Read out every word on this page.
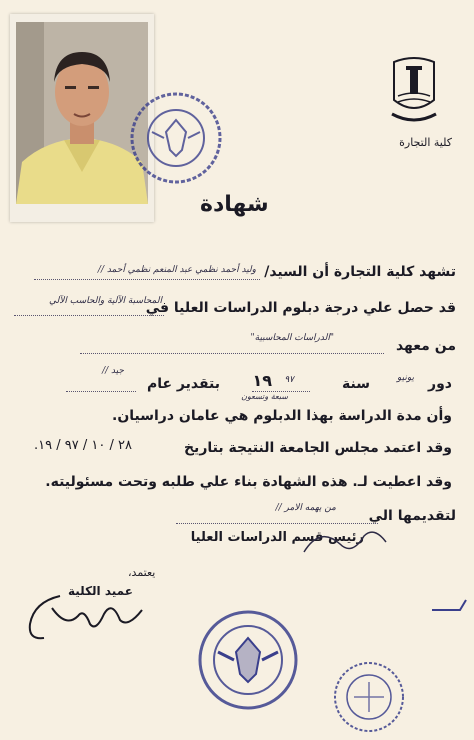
كلية التجارة
شهادة
تشهد كلية التجارة أن السيد/
وليد أحمد نظمي عبد المنعم نظمي أحمد //
قد حصل علي درجة دبلوم الدراسات العليا في
المحاسبة الآلية والحاسب الآلي
من معهد
"الدراسات المحاسبية"
دور
يونيو
سنة
١٩ ٩٧
سبعة وتسعون
بتقدير عام
جيد //
وأن مدة الدراسة بهذا الدبلوم هي عامان دراسيان.
وقد اعتمد مجلس الجامعة النتيجة بتاريخ
٢٨ / ١٠ / ٩٧ / ١٩.
وقد اعطيت لـ. هذه الشهادة بناء علي طلبه وتحت مسئوليته.
لتقديمها الي
من يهمه الامر //
رئيس قسم الدراسات العليا
يعتمد،
عميد الكلية
